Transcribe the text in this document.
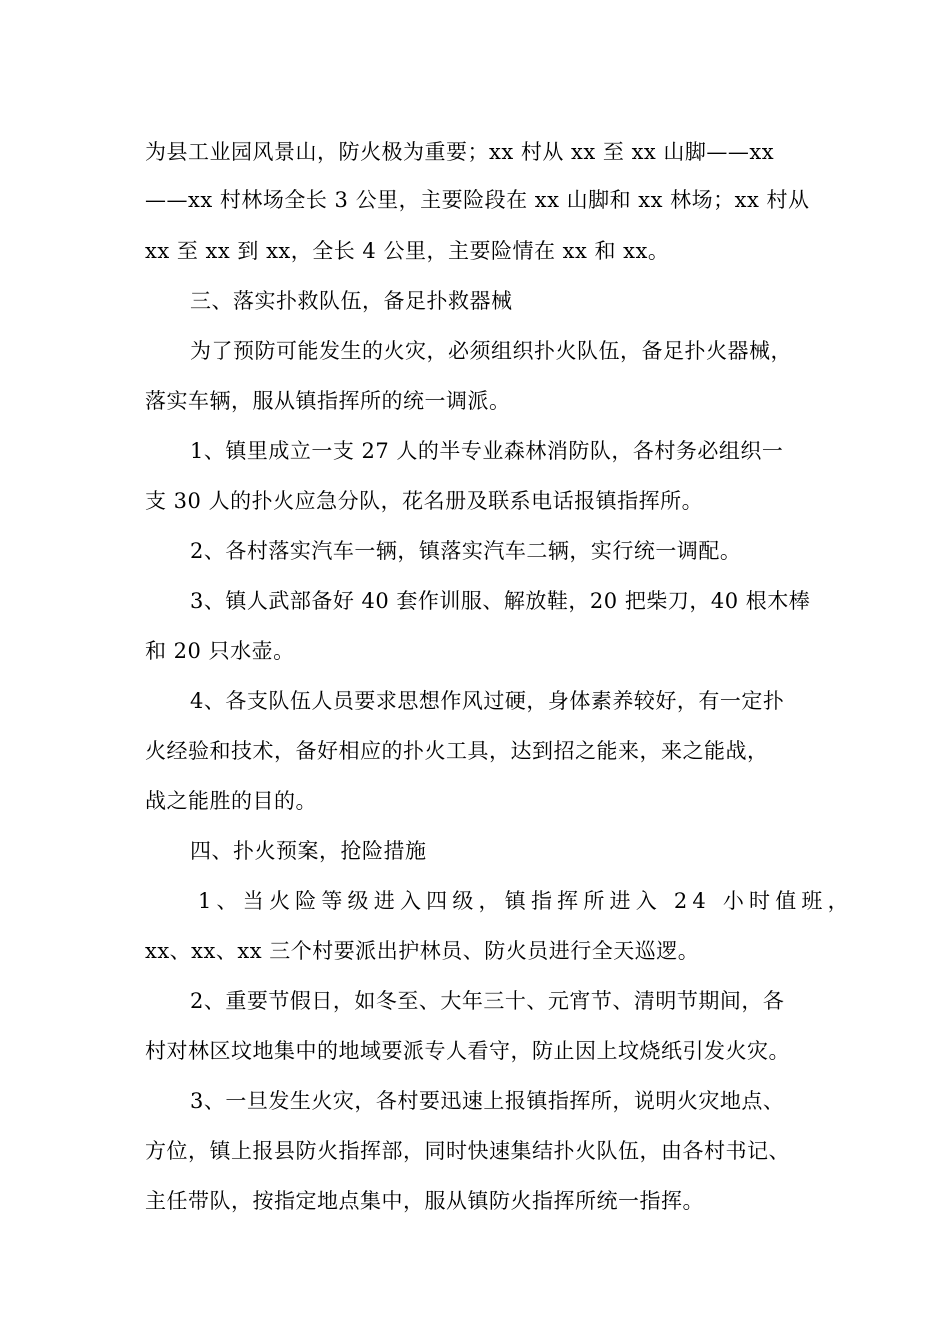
为县工业园风景山，防火极为重要；xx 村从 xx 至 xx 山脚——xx
——xx 村林场全长 3 公里，主要险段在 xx 山脚和 xx 林场；xx 村从
xx 至 xx 到 xx，全长 4 公里，主要险情在 xx 和 xx。
三、落实扑救队伍，备足扑救器械
为了预防可能发生的火灾，必须组织扑火队伍，备足扑火器械，
落实车辆，服从镇指挥所的统一调派。
1、镇里成立一支 27 人的半专业森林消防队，各村务必组织一
支 30 人的扑火应急分队，花名册及联系电话报镇指挥所。
2、各村落实汽车一辆，镇落实汽车二辆，实行统一调配。
3、镇人武部备好 40 套作训服、解放鞋，20 把柴刀，40 根木棒
和 20 只水壶。
4、各支队伍人员要求思想作风过硬，身体素养较好，有一定扑
火经验和技术，备好相应的扑火工具，达到招之能来，来之能战，
战之能胜的目的。
四、扑火预案，抢险措施
1、当火险等级进入四级，镇指挥所进入 24 小时值班，
xx、xx、xx 三个村要派出护林员、防火员进行全天巡逻。
2、重要节假日，如冬至、大年三十、元宵节、清明节期间，各
村对林区坟地集中的地域要派专人看守，防止因上坟烧纸引发火灾。
3、一旦发生火灾，各村要迅速上报镇指挥所，说明火灾地点、
方位，镇上报县防火指挥部，同时快速集结扑火队伍，由各村书记、
主任带队，按指定地点集中，服从镇防火指挥所统一指挥。
